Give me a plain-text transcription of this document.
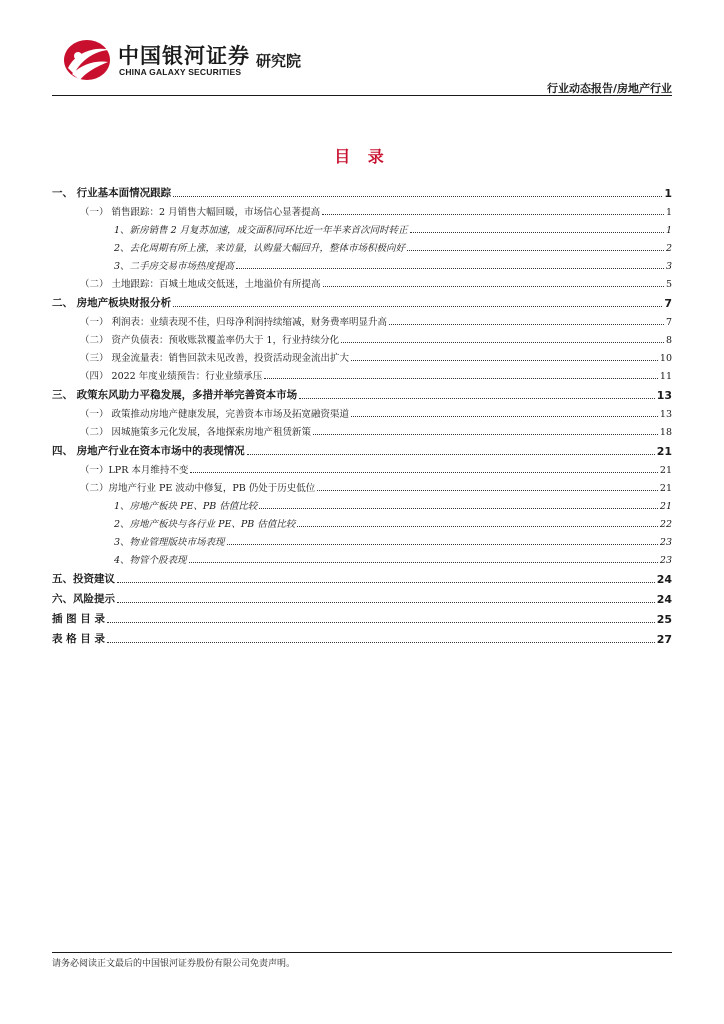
中国银河证券
CHINA GALAXY SECURITIES
研究院
行业动态报告/房地产行业
目 录
一、 行业基本面情况跟踪	1
（一） 销售跟踪：2 月销售大幅回暖，市场信心显著提高	1
1、新房销售 2 月复苏加速，成交面积同环比近一年半来首次同时转正	1
2、去化周期有所上涨，来访量，认购量大幅回升，整体市场积极向好	2
3、二手房交易市场热度提高	3
（二） 土地跟踪：百城土地成交低迷，土地溢价有所提高	5
二、 房地产板块财报分析	7
（一） 利润表：业绩表现不佳，归母净利润持续缩减，财务费率明显升高	7
（二） 资产负债表：预收账款覆盖率仍大于 1，行业持续分化	8
（三） 现金流量表：销售回款未见改善，投资活动现金流出扩大	10
（四） 2022 年度业绩预告：行业业绩承压	11
三、 政策东风助力平稳发展，多措并举完善资本市场	13
（一） 政策推动房地产健康发展，完善资本市场及拓宽融资渠道	13
（二） 因城施策多元化发展，各地探索房地产租赁新策	18
四、 房地产行业在资本市场中的表现情况	21
（一）LPR 本月维持不变	21
（二）房地产行业 PE 波动中修复，PB 仍处于历史低位	21
1、房地产板块 PE、PB 估值比较	21
2、房地产板块与各行业 PE、PB 估值比较	22
3、物业管理版块市场表现	23
4、物管个股表现	23
五、投资建议	24
六、风险提示	24
插 图 目 录	25
表 格 目 录	27
请务必阅读正文最后的中国银河证券股份有限公司免责声明。
